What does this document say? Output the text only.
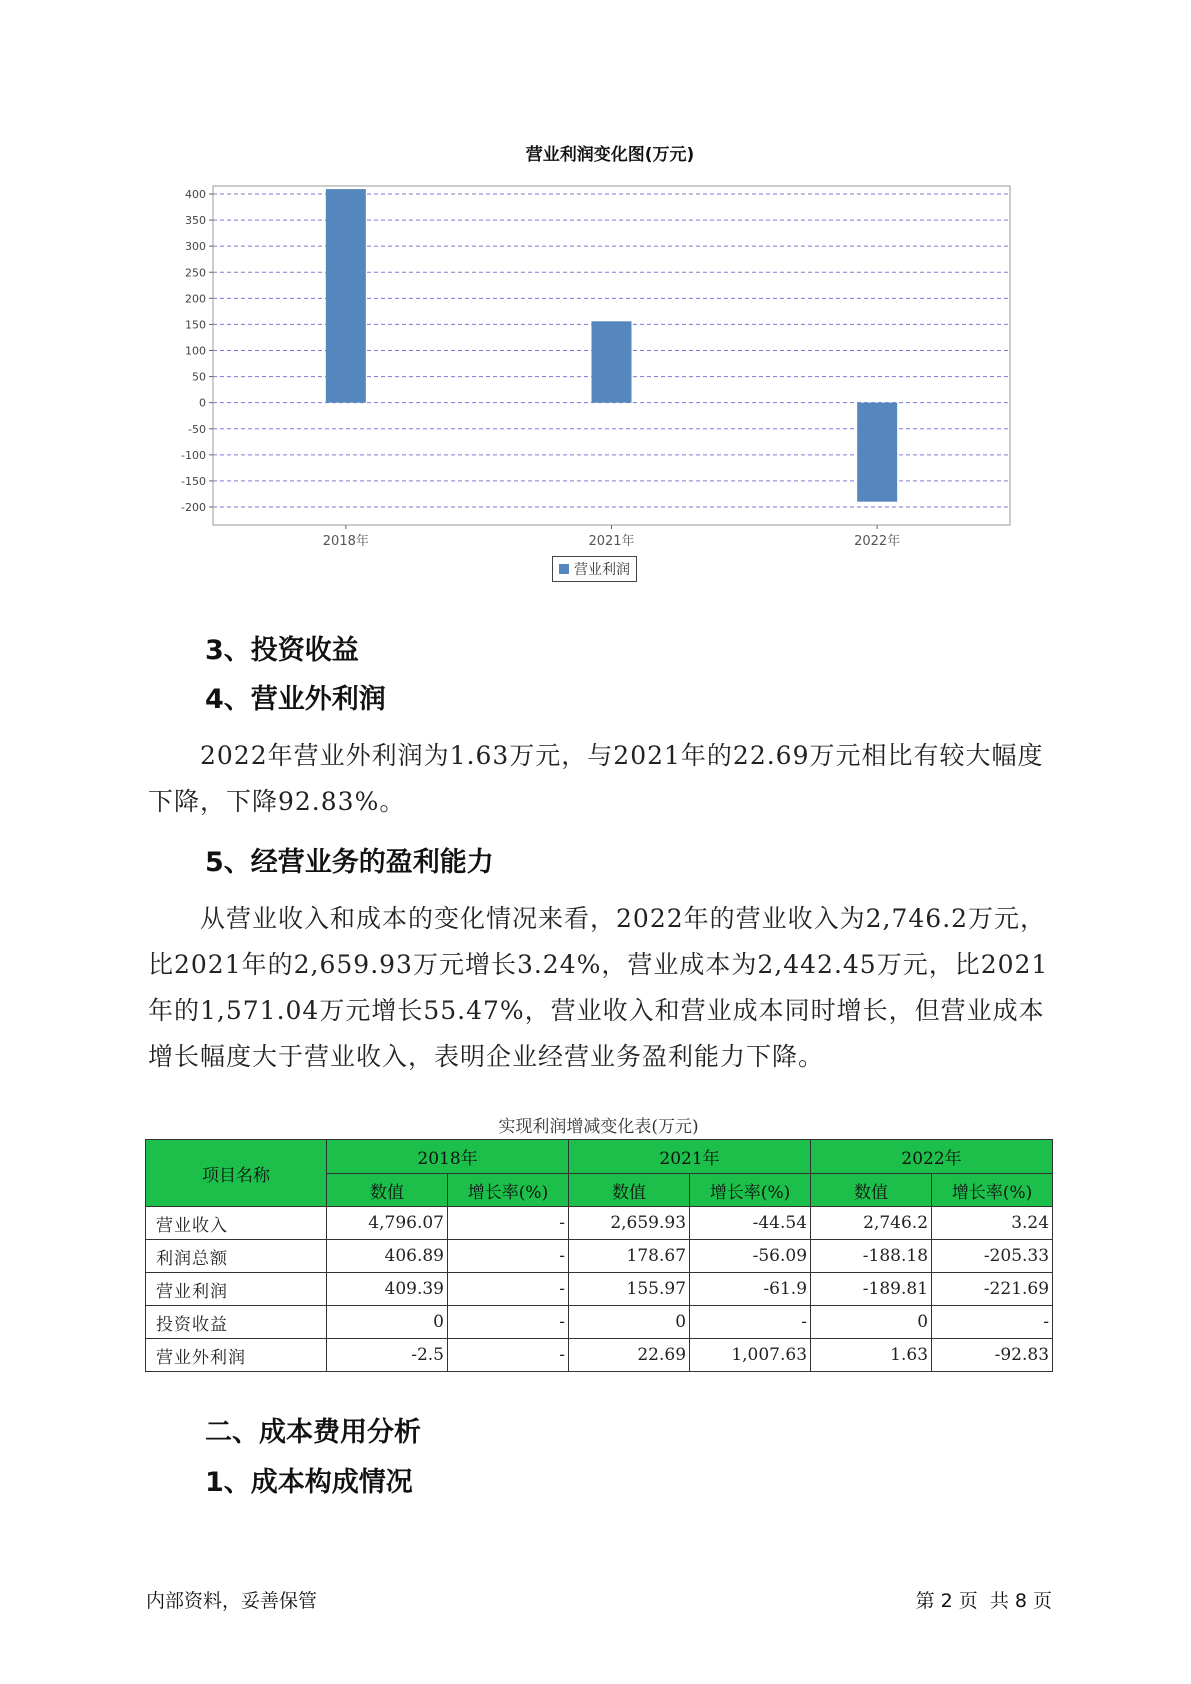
营业利润变化图(万元)
400
350
300
250
200
150
100
50
0
-50
-100
-150
-200
2018年	2021年	2022年
营业利润
3、投资收益
4、营业外利润
2022年营业外利润为1.63万元，与2021年的22.69万元相比有较大幅度下降，下降92.83%。
5、经营业务的盈利能力
从营业收入和成本的变化情况来看，2022年的营业收入为2,746.2万元，比2021年的2,659.93万元增长3.24%，营业成本为2,442.45万元，比2021年的1,571.04万元增长55.47%，营业收入和营业成本同时增长，但营业成本增长幅度大于营业收入，表明企业经营业务盈利能力下降。
实现利润增减变化表(万元)
项目名称	2018年		2021年		2022年	
	数值	增长率(%)	数值	增长率(%)	数值	增长率(%)
营业收入	4,796.07	-	2,659.93	-44.54	2,746.2	3.24
利润总额	406.89	-	178.67	-56.09	-188.18	-205.33
营业利润	409.39	-	155.97	-61.9	-189.81	-221.69
投资收益	0	-	0	-	0	-
营业外利润	-2.5	-	22.69	1,007.63	1.63	-92.83
二、成本费用分析
1、成本构成情况
内部资料，妥善保管	第 2 页  共 8 页
